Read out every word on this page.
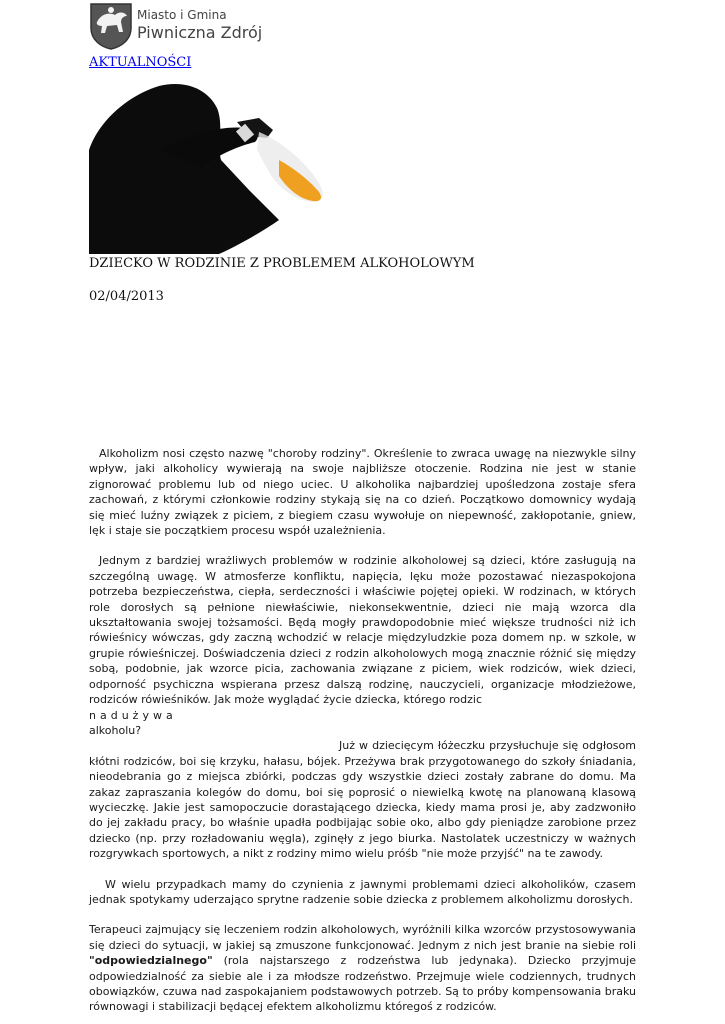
Miasto i Gmina
Piwniczna Zdrój
AKTUALNOŚCI
DZIECKO W RODZINIE Z PROBLEMEM ALKOHOLOWYM
02/04/2013

Alkoholizm nosi często nazwę "choroby rodziny". Określenie to zwraca uwagę na niezwykle silny wpływ, jaki alkoholicy wywierają na swoje najbliższe otoczenie. Rodzina nie jest w stanie zignorować problemu lub od niego uciec. U alkoholika najbardziej upośledzona zostaje sfera zachowań, z którymi członkowie rodziny stykają się na co dzień. Początkowo domownicy wydają się mieć luźny związek z piciem, z biegiem czasu wywołuje on niepewność, zakłopotanie, gniew, lęk i staje sie początkiem procesu współ uzależnienia.

Jednym z bardziej wrażliwych problemów w rodzinie alkoholowej są dzieci, które zasługują na szczególną uwagę. W atmosferze konfliktu, napięcia, lęku może pozostawać niezaspokojona potrzeba bezpieczeństwa, ciepła, serdeczności i właściwie pojętej opieki. W rodzinach, w których role dorosłych są pełnione niewłaściwie, niekonsekwentnie, dzieci nie mają wzorca dla ukształtowania swojej tożsamości. Będą mogły prawdopodobnie mieć większe trudności niż ich rówieśnicy wówczas, gdy zaczną wchodzić w relacje międzyludzkie poza domem np. w szkole, w grupie rówieśniczej. Doświadczenia dzieci z rodzin alkoholowych mogą znacznie różnić się między sobą, podobnie, jak wzorce picia, zachowania związane z piciem, wiek rodziców, wiek dzieci, odporność psychiczna wspierana przesz dalszą rodzinę, nauczycieli, organizacje młodzieżowe, rodziców rówieśników. Jak może wyglądać życie dziecka, którego rodzic

nadużywa

alkoholu?

Już w dziecięcym łóżeczku przysłuchuje się odgłosom kłótni rodziców, boi się krzyku, hałasu, bójek. Przeżywa brak przygotowanego do szkoły śniadania, nieodebrania go z miejsca zbiórki, podczas gdy wszystkie dzieci zostały zabrane do domu. Ma zakaz zapraszania kolegów do domu, boi się poprosić o niewielką kwotę na planowaną klasową wycieczkę. Jakie jest samopoczucie dorastającego dziecka, kiedy mama prosi je, aby zadzwoniło do jej zakładu pracy, bo właśnie upadła podbijając sobie oko, albo gdy pieniądze zarobione przez dziecko (np. przy rozładowaniu węgla), zginęły z jego biurka. Nastolatek uczestniczy w ważnych rozgrywkach sportowych, a nikt z rodziny mimo wielu próśb "nie może przyjść" na te zawody.

W wielu przypadkach mamy do czynienia z jawnymi problemami dzieci alkoholików, czasem jednak spotykamy uderzająco sprytne radzenie sobie dziecka z problemem alkoholizmu dorosłych.

Terapeuci zajmujący się leczeniem rodzin alkoholowych, wyróżnili kilka wzorców przystosowywania się dzieci do sytuacji, w jakiej są zmuszone funkcjonować. Jednym z nich jest branie na siebie roli "odpowiedzialnego" (rola najstarszego z rodzeństwa lub jedynaka). Dziecko przyjmuje odpowiedzialność za siebie ale i za młodsze rodzeństwo. Przejmuje wiele codziennych, trudnych obowiązków, czuwa nad zaspokajaniem podstawowych potrzeb. Są to próby kompensowania braku równowagi i stabilizacji będącej efektem alkoholizmu któregoś z rodziców.
